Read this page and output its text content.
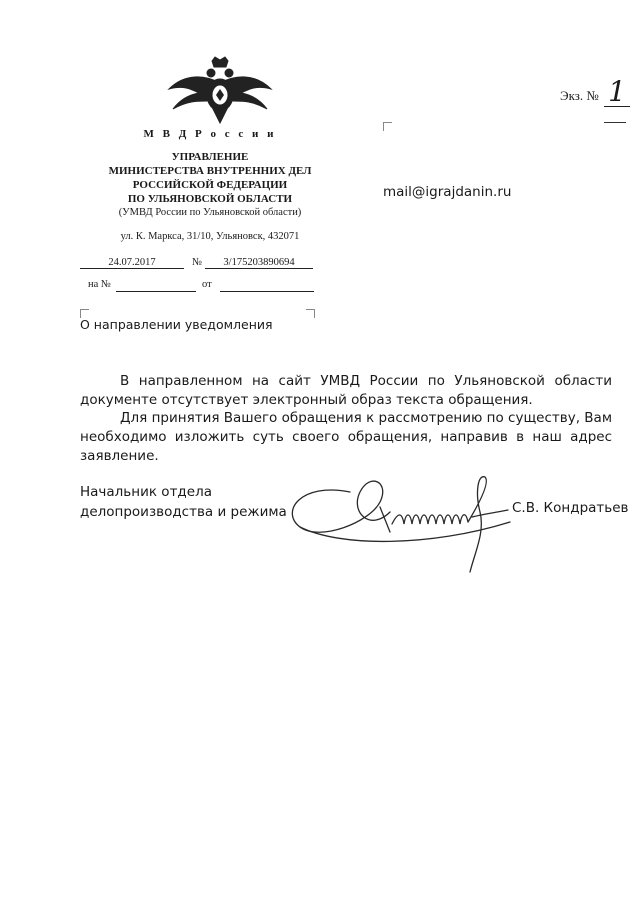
М В Д Р о с с и и
УПРАВЛЕНИЕ
МИНИСТЕРСТВА ВНУТРЕННИХ ДЕЛ
РОССИЙСКОЙ ФЕДЕРАЦИИ
ПО УЛЬЯНОВСКОЙ ОБЛАСТИ
(УМВД России по Ульяновской области)
ул. К. Маркса, 31/10, Ульяновск, 432071
24.07.2017	№	3/175203890694
на №	от
Экз. № 1
mail@igrajdanin.ru
О направлении уведомления
В направленном на сайт УМВД России по Ульяновской области документе отсутствует электронный образ текста обращения.
Для принятия Вашего обращения к рассмотрению по существу, Вам необходимо изложить суть своего обращения, направив в наш адрес заявление.
Начальник отдела
делопроизводства и режима	С.В. Кондратьев
